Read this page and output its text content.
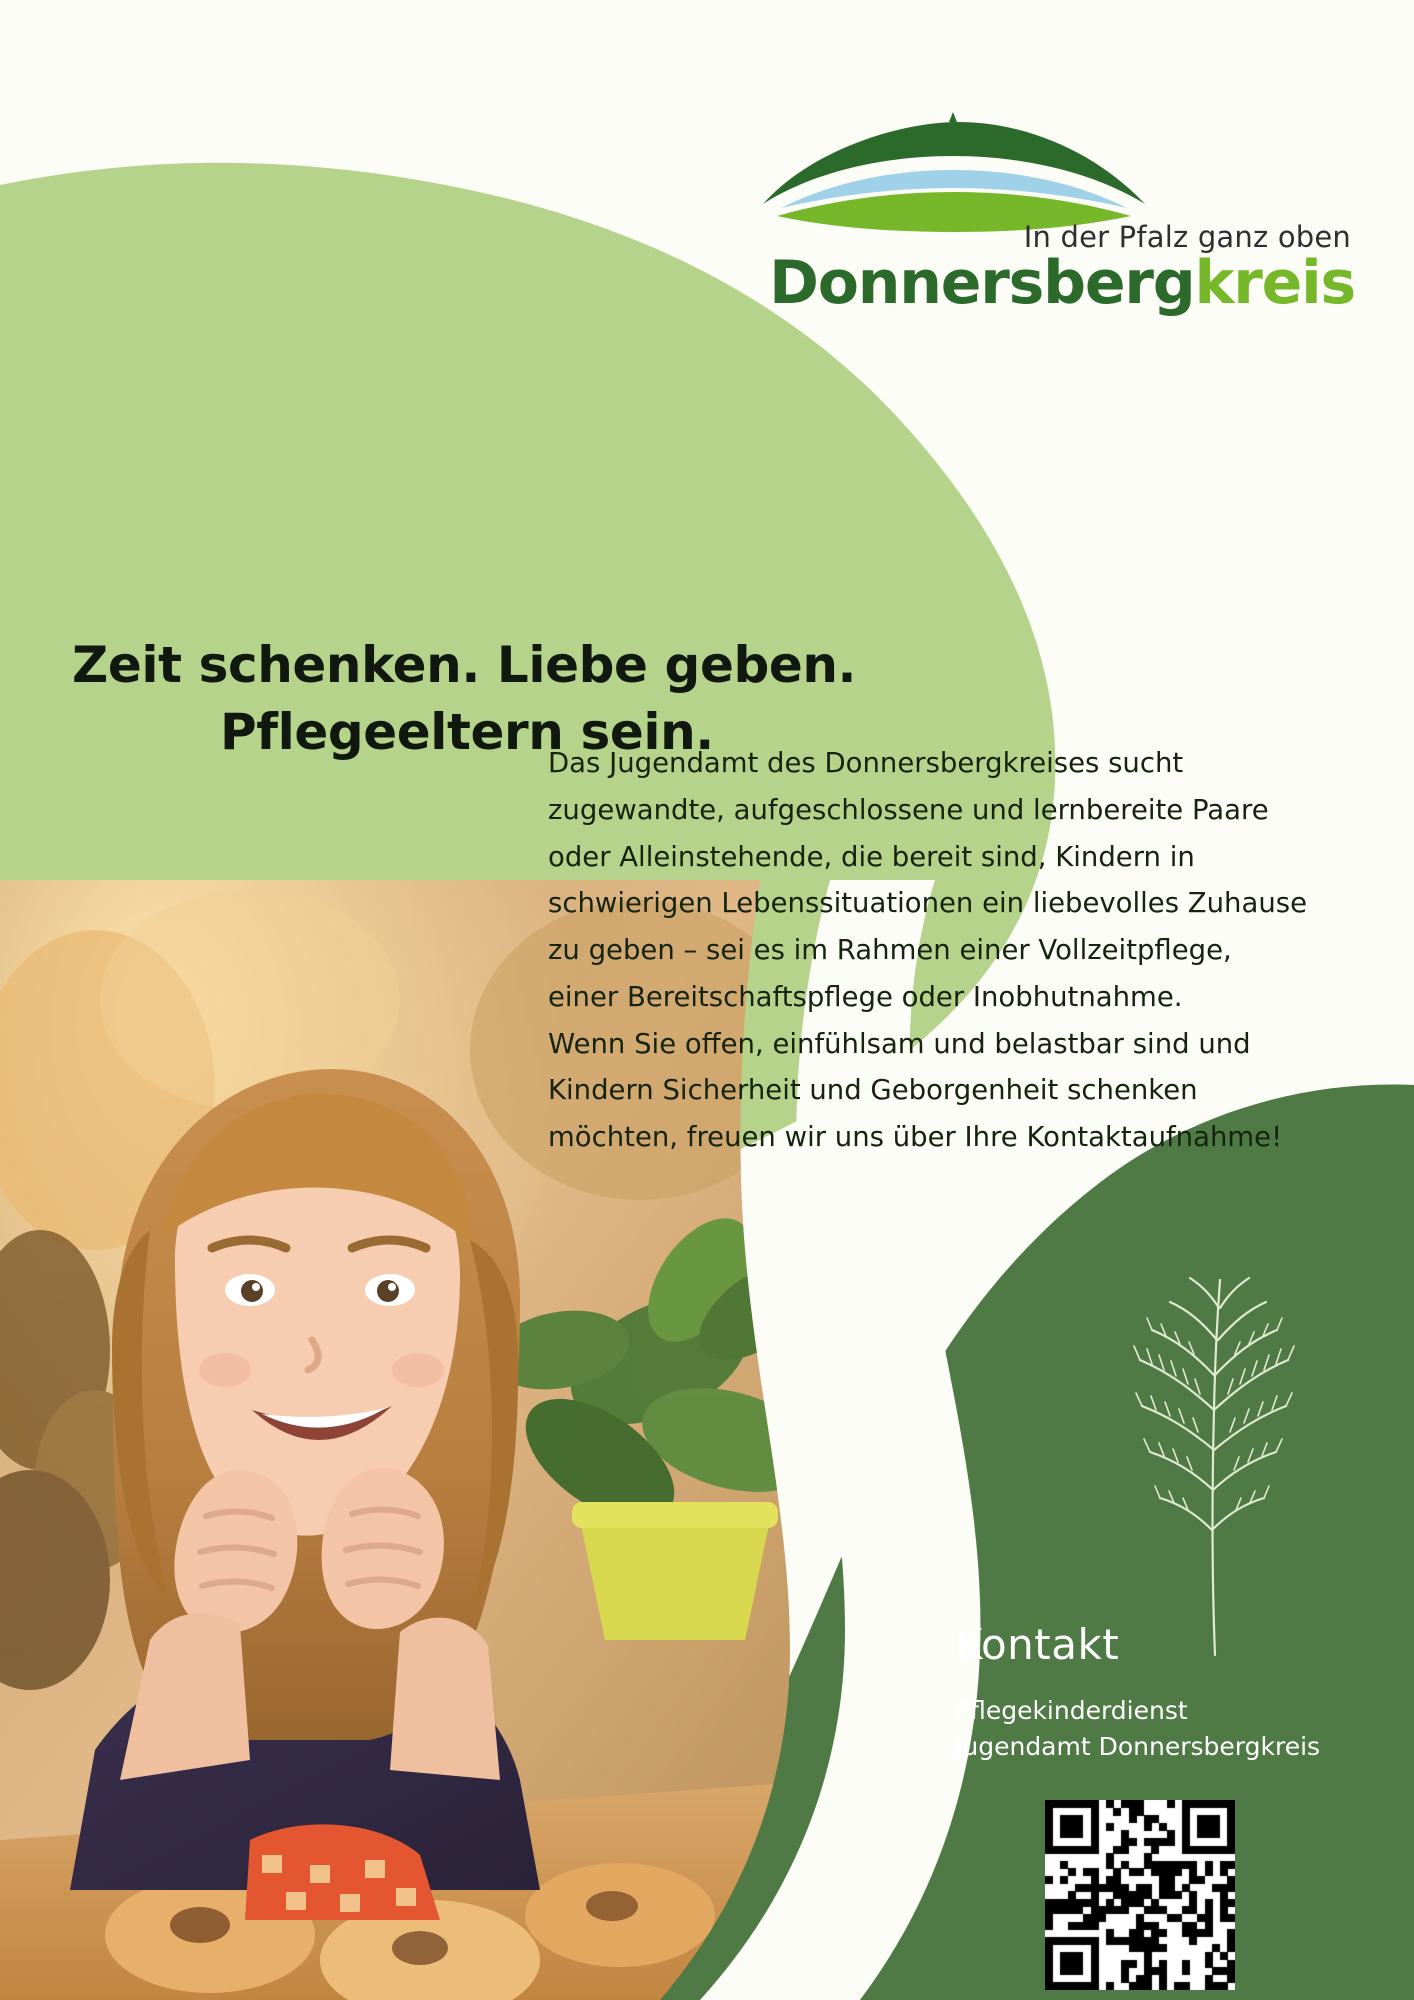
In der Pfalz ganz oben
Donnersbergkreis
Zeit schenken. Liebe geben.
Pflegeeltern sein.

Das Jugendamt des Donnersbergkreises sucht zugewandte, aufgeschlossene und lernbereite Paare oder Alleinstehende, die bereit sind, Kindern in schwierigen Lebenssituationen ein liebevolles Zuhause zu geben – sei es im Rahmen einer Vollzeitpflege, einer Bereitschaftspflege oder Inobhutnahme.

Wenn Sie offen, einfühlsam und belastbar sind und Kindern Sicherheit und Geborgenheit schenken möchten, freuen wir uns über Ihre Kontaktaufnahme!

Kontakt
Pflegekinderdienst
Jugendamt Donnersbergkreis
